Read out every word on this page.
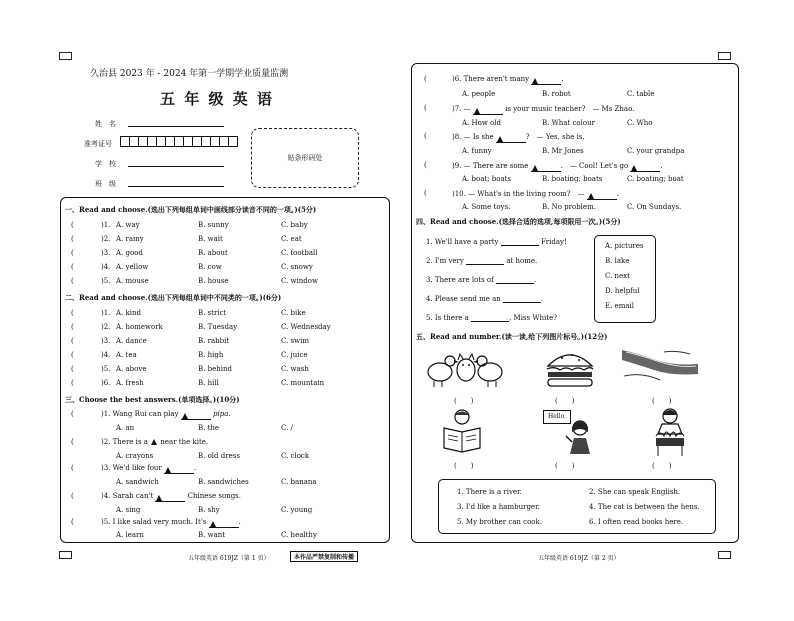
久治县 2023 年 - 2024 年第一学期学业质量监测
五 年 级 英 语
姓　名
准考证号
学　校
班　级
贴条形码处
一、Read and choose.(选出下列每组单词中画线部分读音不同的一项。)(5分)
(	)1. A. way	B. sunny	C. baby
(	)2. A. rainy	B. wait	C. eat
(	)3. A. good	B. about	C. football
(	)4. A. yellow	B. cow	C. snowy
(	)5. A. mouse	B. house	C. window
二、Read and choose.(选出下列每组单词中不同类的一项。)(6分)
(	)1. A. kind	B. strict	C. bike
(	)2. A. homework	B. Tuesday	C. Wednesday
(	)3. A. dance	B. rabbit	C. swim
(	)4. A. tea	B. high	C. juice
(	)5. A. above	B. behind	C. wash
(	)6. A. fresh	B. hill	C. mountain
三、Choose the best answers.(单项选择。)(10分)
(	)1. Wang Rui can play	pipa.
A. an	B. the	C. /
(	)2. There is a near the kite.
A. crayons	B. old dress	C. clock
(	)3. We'd like four	.
A. sandwich	B. sandwiches	C. banana
(	)4. Sarah can't	Chinese songs.
A. sing	B. shy	C. young
(	)5. I like salad very much. It's	.
A. learn	B. want	C. healthy
(	)6. There aren't many	.
A. people	B. robot	C. table
(	)7. —	is your music teacher?　— Ms Zhao.
A. How old	B. What colour	C. Who
(	)8. — Is she	?　— Yes, she is.
A. funny	B. Mr Jones	C. your grandpa
(	)9. — There are some	.　— Cool! Let's go	.
A. boat; boats	B. boating; boats	C. boating; boat
(	)10. — What's in the living room?　—	.
A. Some toys.	B. No problem.	C. On Sundays.
四、Read and choose.(选择合适的选项,每项限用一次。)(5分)
1. We'll have a party	Friday!
2. I'm very	at home.
3. There are lots of	.
4. Please send me an	.
5. Is there a	, Miss White?
A. pictures
B. lake
C. next
D. helpful
E. email
五、Read and number.(读一读,给下列图片标号。)(12分)
(　　)	(　　)	(　　)
Hello.
(　　)	(　　)	(　　)
1. There is a river.	2. She can speak English.
3. I'd like a hamburger.	4. The cat is between the hens.
5. My brother can cook.	6. I often read books here.
五年级英语 619JZ（第 1 页）	本作品严禁复制和传播	五年级英语 619JZ（第 2 页）
